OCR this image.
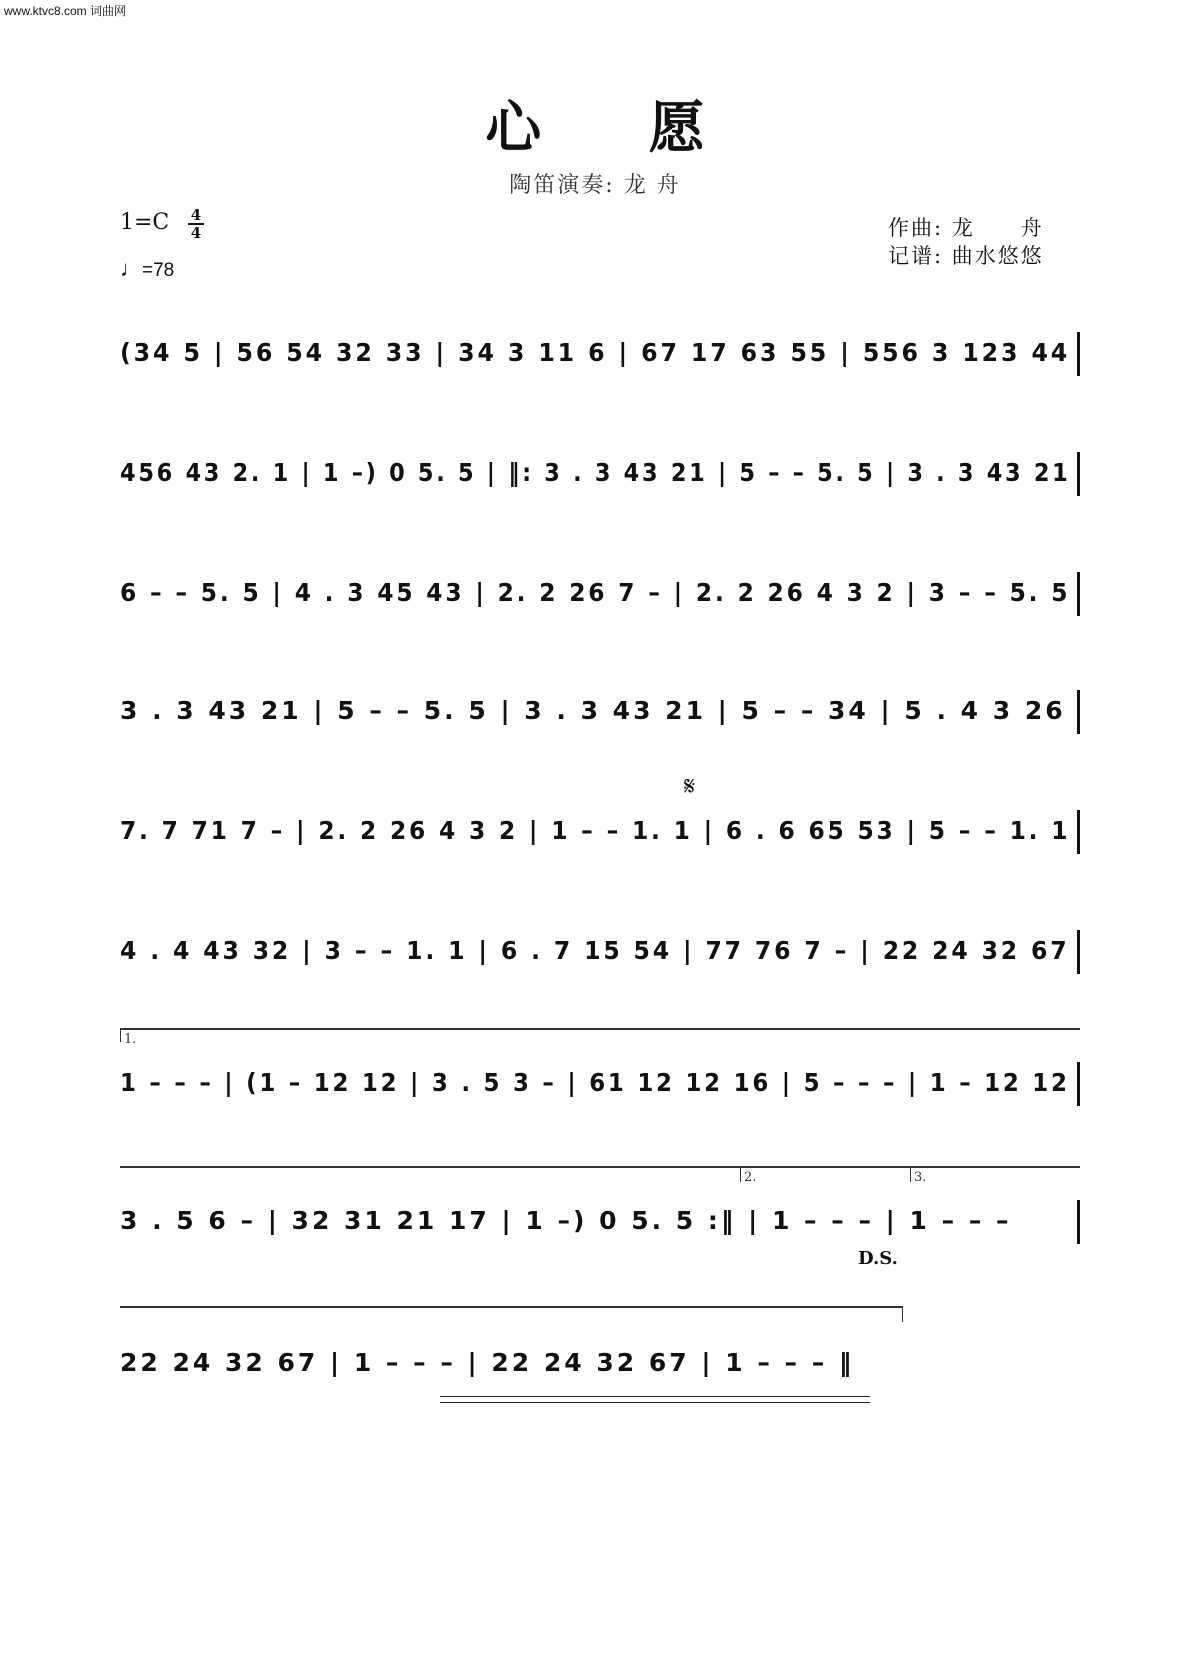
www.ktvc8.com 词曲网
心 愿
陶笛演奏: 龙 舟
1=C 4
4
♩=78
作曲: 龙　　舟
记谱: 曲水悠悠
(34 5 | 56 54 32 33 | 34 3 11 6 | 67 17 63 55 | 556 3 123 44
456 43 2. 1 | 1 –) 0 5. 5 | ‖: 3 . 3 43 21 | 5 – – 5. 5 | 3 . 3 43 21
6 – – 5. 5 | 4 . 3 45 43 | 2. 2 26 7 – | 2. 2 26 4 3 2 | 3 – – 5. 5
3 . 3 43 21 | 5 – – 5. 5 | 3 . 3 43 21 | 5 – – 34 | 5 . 4 3 26
7. 7 71 7 – | 2. 2 26 4 3 2 | 1 – – 1. 1 | 6 . 6 65 53 | 5 – – 1. 1
4 . 4 43 32 | 3 – – 1. 1 | 6 . 7 15 54 | 77 76 7 – | 22 24 32 67
1 – – – | (1 – 12 12 | 3 . 5 3 – | 61 12 12 16 | 5 – – – | 1 – 12 12
3 . 5 6 – | 32 31 21 17 | 1 –) 0 5. 5 :‖ | 1 – – – | 1 – – –
22 24 32 67 | 1 – – – | 22 24 32 67 | 1 – – – ‖
1.
2.	3.
𝄋
D.S.
